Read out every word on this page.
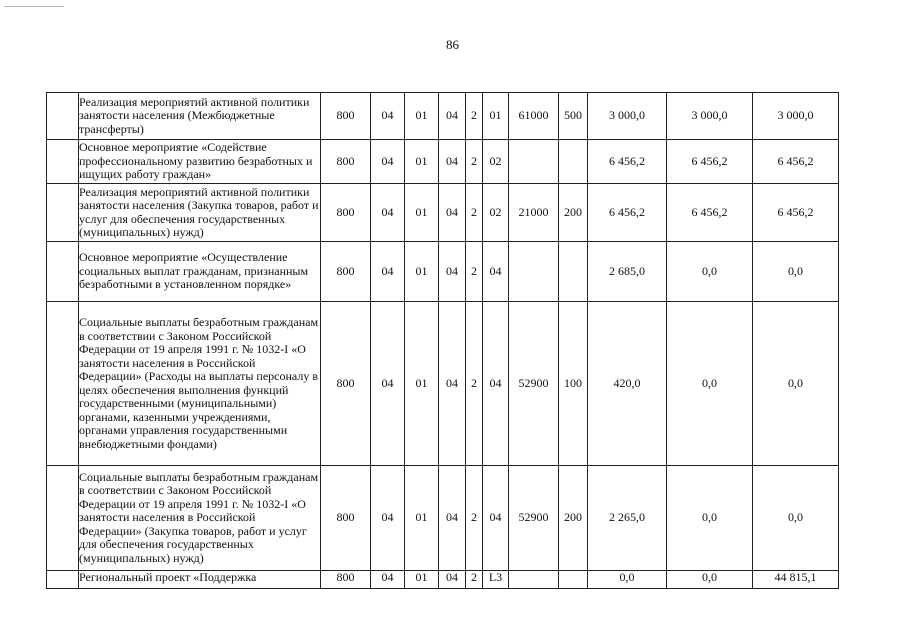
86
	Реализация мероприятий активной политики занятости населения (Межбюджетные трансферты)	800	04	01	04	2	01	61000	500	3 000,0	3 000,0	3 000,0
	Основное мероприятие «Содействие профессиональному развитию безработных и ищущих работу граждан»	800	04	01	04	2	02			6 456,2	6 456,2	6 456,2
	Реализация мероприятий активной политики занятости населения (Закупка товаров, работ и услуг для обеспечения государственных (муниципальных) нужд)	800	04	01	04	2	02	21000	200	6 456,2	6 456,2	6 456,2
	Основное мероприятие «Осуществление социальных выплат гражданам, признанным безработными в установленном порядке»	800	04	01	04	2	04			2 685,0	0,0	0,0
	Социальные выплаты безработным гражданам в соответствии с Законом Российской Федерации от 19 апреля 1991 г. № 1032-I «О занятости населения в Российской Федерации» (Расходы на выплаты персоналу в целях обеспечения выполнения функций государственными (муниципальными) органами, казенными учреждениями, органами управления государственными внебюджетными фондами)	800	04	01	04	2	04	52900	100	420,0	0,0	0,0
	Социальные выплаты безработным гражданам в соответствии с Законом Российской Федерации от 19 апреля 1991 г. № 1032-I «О занятости населения в Российской Федерации» (Закупка товаров, работ и услуг для обеспечения государственных (муниципальных) нужд)	800	04	01	04	2	04	52900	200	2 265,0	0,0	0,0
	Региональный проект «Поддержка	800	04	01	04	2	L3			0,0	0,0	44 815,1
